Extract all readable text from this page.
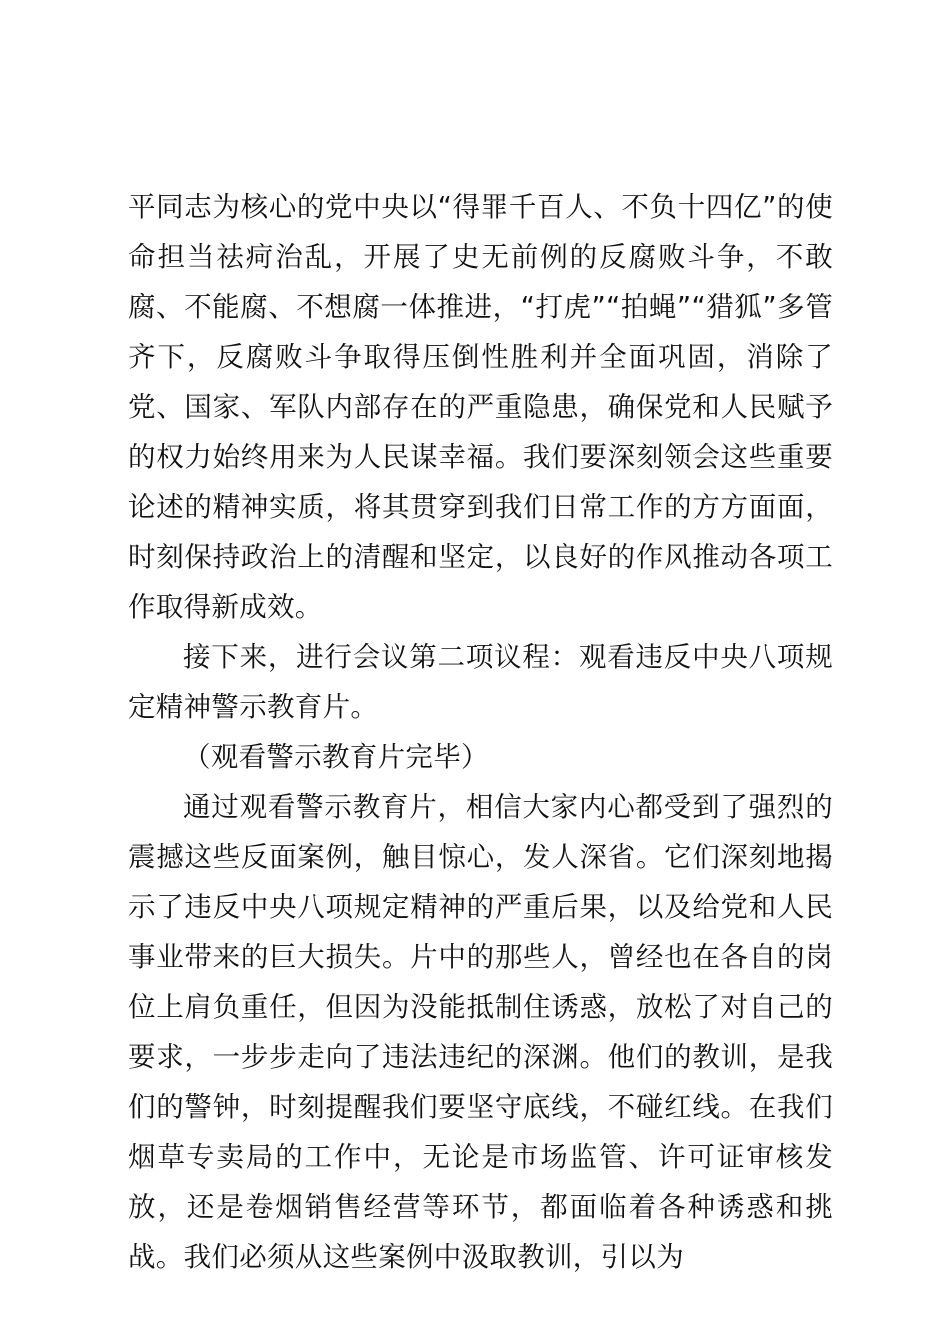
平同志为核心的党中央以“得罪千百人、不负十四亿”的使命担当祛疴治乱，开展了史无前例的反腐败斗争，不敢腐、不能腐、不想腐一体推进，“打虎”“拍蝇”“猎狐”多管齐下，反腐败斗争取得压倒性胜利并全面巩固，消除了党、国家、军队内部存在的严重隐患，确保党和人民赋予的权力始终用来为人民谋幸福。我们要深刻领会这些重要论述的精神实质，将其贯穿到我们日常工作的方方面面，时刻保持政治上的清醒和坚定，以良好的作风推动各项工作取得新成效。

接下来，进行会议第二项议程：观看违反中央八项规定精神警示教育片。

（观看警示教育片完毕）

通过观看警示教育片，相信大家内心都受到了强烈的震撼这些反面案例，触目惊心，发人深省。它们深刻地揭示了违反中央八项规定精神的严重后果，以及给党和人民事业带来的巨大损失。片中的那些人，曾经也在各自的岗位上肩负重任，但因为没能抵制住诱惑，放松了对自己的要求，一步步走向了违法违纪的深渊。他们的教训，是我们的警钟，时刻提醒我们要坚守底线，不碰红线。在我们烟草专卖局的工作中，无论是市场监管、许可证审核发放，还是卷烟销售经营等环节，都面临着各种诱惑和挑战。我们必须从这些案例中汲取教训，引以为
